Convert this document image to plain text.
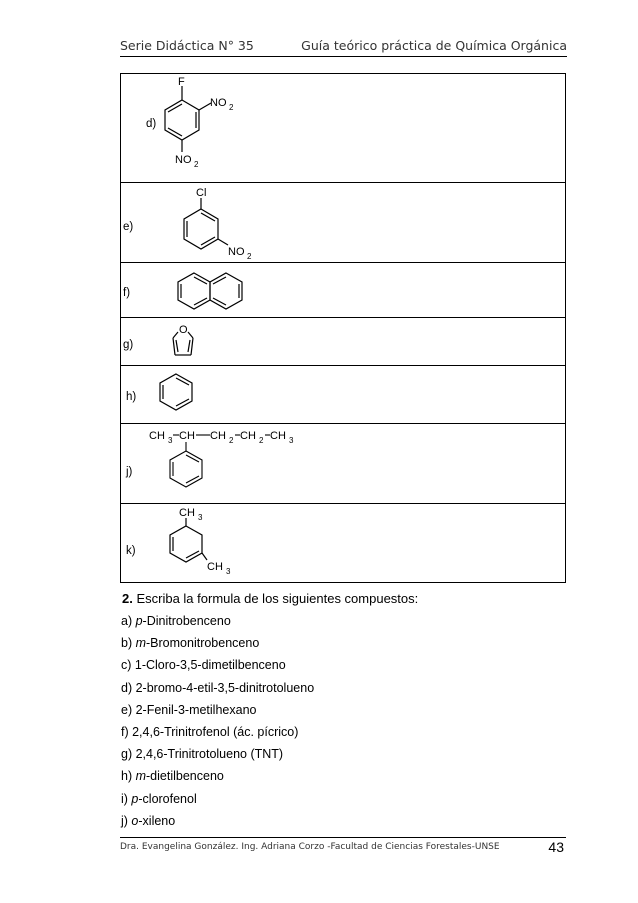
Serie Didáctica N° 35	Guía teórico práctica de Química Orgánica
d)
F
NO 2
NO 2
e)
Cl
NO 2
f)
g)
O
h)
j)
CH 3 CH CH 2 CH 2 CH 3
k)
CH 3
CH 3
2. Escriba la formula de los siguientes compuestos:
a) p-Dinitrobenceno
b) m-Bromonitrobenceno
c) 1-Cloro-3,5-dimetilbenceno
d) 2-bromo-4-etil-3,5-dinitrotolueno
e) 2-Fenil-3-metilhexano
f) 2,4,6-Trinitrofenol (ác. pícrico)
g) 2,4,6-Trinitrotolueno (TNT)
h) m-dietilbenceno
i) p-clorofenol
j) o-xileno
Dra. Evangelina González. Ing. Adriana Corzo -Facultad de Ciencias Forestales-UNSE	43
